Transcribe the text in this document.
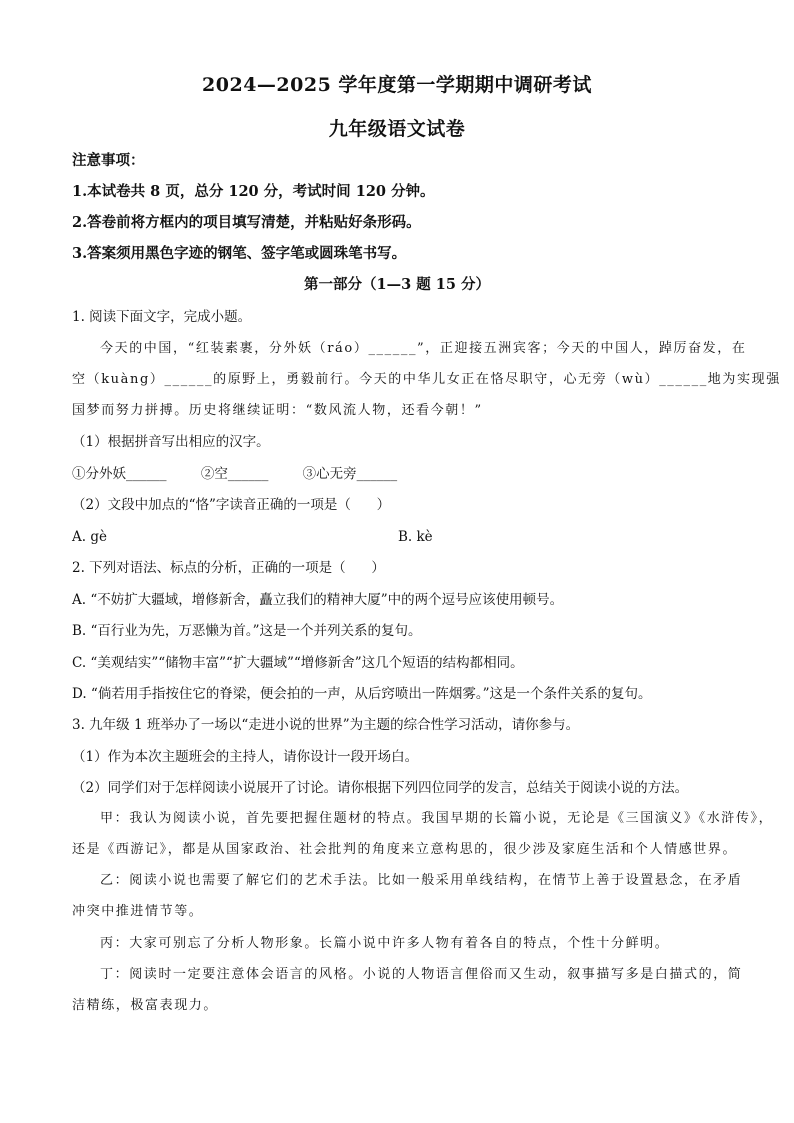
2024—2025 学年度第一学期期中调研考试
九年级语文试卷
注意事项：
1.本试卷共 8 页，总分 120 分，考试时间 120 分钟。
2.答卷前将方框内的项目填写清楚，并粘贴好条形码。
3.答案须用黑色字迹的钢笔、签字笔或圆珠笔书写。
第一部分（1—3 题 15 分）
1. 阅读下面文字，完成小题。
今天的中国，“红装素裹，分外妖（ráo）______”，正迎接五洲宾客；今天的中国人，踔厉奋发，在
空（kuàng）______的原野上，勇毅前行。今天的中华儿女正在恪尽职守，心无旁（wù）______地为实现强
国梦而努力拼搏。历史将继续证明：“数风流人物，还看今朝！”
（1）根据拼音写出相应的汉字。
①分外妖______        ②空______        ③心无旁______
（2）文段中加点的“恪”字读音正确的一项是（      ）
A. gè	B. kè
2. 下列对语法、标点的分析，正确的一项是（      ）
A. “不妨扩大疆域，增修新舍，矗立我们的精神大厦”中的两个逗号应该使用顿号。
B. “百行业为先，万恶懒为首。”这是一个并列关系的复句。
C. “美观结实”“储物丰富”“扩大疆域”“增修新舍”这几个短语的结构都相同。
D. “倘若用手指按住它的脊梁，便会拍的一声，从后窍喷出一阵烟雾。”这是一个条件关系的复句。
3. 九年级 1 班举办了一场以“走进小说的世界”为主题的综合性学习活动，请你参与。
（1）作为本次主题班会的主持人，请你设计一段开场白。
（2）同学们对于怎样阅读小说展开了讨论。请你根据下列四位同学的发言，总结关于阅读小说的方法。
甲：我认为阅读小说，首先要把握住题材的特点。我国早期的长篇小说，无论是《三国演义》《水浒传》，
还是《西游记》，都是从国家政治、社会批判的角度来立意构思的，很少涉及家庭生活和个人情感世界。
乙：阅读小说也需要了解它们的艺术手法。比如一般采用单线结构，在情节上善于设置悬念，在矛盾
冲突中推进情节等。
丙：大家可别忘了分析人物形象。长篇小说中许多人物有着各自的特点，个性十分鲜明。
丁：阅读时一定要注意体会语言的风格。小说的人物语言俚俗而又生动，叙事描写多是白描式的，简
洁精练，极富表现力。
